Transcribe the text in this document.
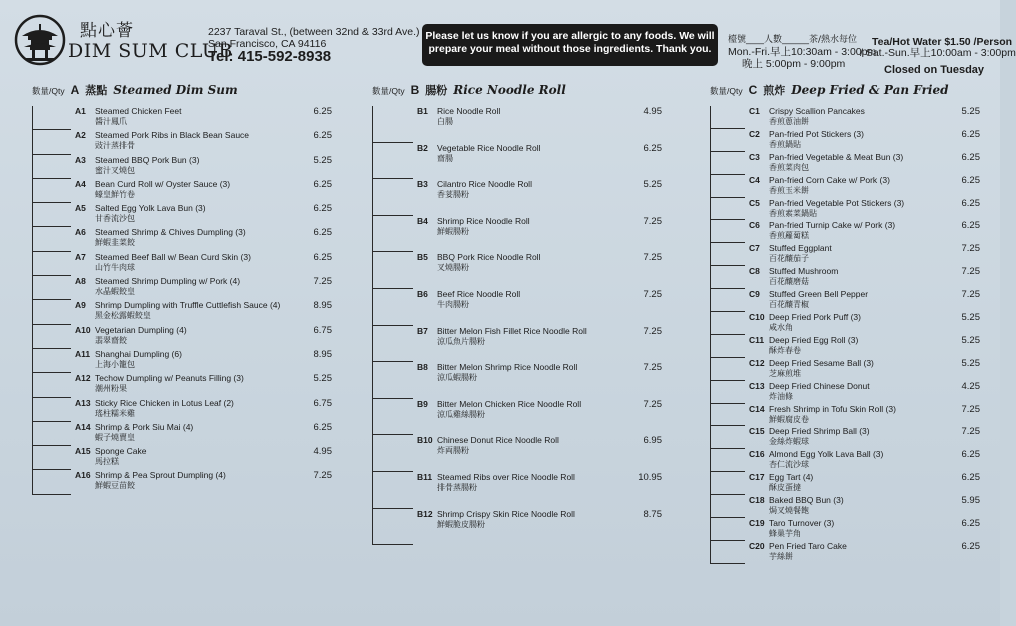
點心薈
DIM SUM CLUB
2237 Taraval St., (between 32nd & 33rd Ave.)
San Francisco, CA 94116
Tel: 415-592-8938
Please let us know if you are allergic to any foods. We will
prepare your meal without those ingredients. Thank you.
檯號____人數______茶/熱水每位
Mon.-Fri.早上10:30am - 3:00pm
晚上 5:00pm - 9:00pm
Tea/Hot Water $1.50 /Person
/ Sat.-Sun.早上10:00am - 3:00pm
Closed on Tuesday
數量/Qty A 蒸點 Steamed Dim Sum
A1	Steamed Chicken Feet
醬汁鳳爪
6.25
A2	Steamed Pork Ribs in Black Bean Sauce
豉汁蒸排骨
6.25
A3	Steamed BBQ Pork Bun (3)
蜜汁叉燒包
5.25
A4	Bean Curd Roll w/ Oyster Sauce (3)
蠔皇鮮竹卷
6.25
A5	Salted Egg Yolk Lava Bun (3)
甘香流沙包
6.25
A6	Steamed Shrimp & Chives Dumpling (3)
鮮蝦韭菜餃
6.25
A7	Steamed Beef Ball w/ Bean Curd Skin (3)
山竹牛肉球
6.25
A8	Steamed Shrimp Dumpling w/ Pork (4)
水晶蝦餃皇
7.25
A9	Shrimp Dumpling with Truffle Cuttlefish Sauce (4)
黑金松露蝦餃皇
8.95
A10 Vegetarian Dumpling (4)
翡翠齋餃
6.75
A11 Shanghai Dumpling (6)
上海小籠包
8.95
A12 Techow Dumpling w/ Peanuts Filling (3)
潮州粉果
5.25
A13 Sticky Rice Chicken in Lotus Leaf (2)
瑤柱糯米雞
6.75
A14 Shrimp & Pork Siu Mai (4)
蝦子燒賣皇
6.25
A15 Sponge Cake
馬拉糕
4.95
A16 Shrimp & Pea Sprout Dumpling (4)
鮮蝦豆苗餃
7.25
數量/Qty B 腸粉 Rice Noodle Roll
B1	Rice Noodle Roll
白腸
4.95
B2	Vegetable Rice Noodle Roll
齋腸
6.25
B3	Cilantro Rice Noodle Roll
香荽腸粉
5.25
B4	Shrimp Rice Noodle Roll
鮮蝦腸粉
7.25
B5	BBQ Pork Rice Noodle Roll
叉燒腸粉
7.25
B6	Beef Rice Noodle Roll
牛肉腸粉
7.25
B7	Bitter Melon Fish Fillet Rice Noodle Roll
涼瓜魚片腸粉
7.25
B8	Bitter Melon Shrimp Rice Noodle Roll
涼瓜蝦腸粉
7.25
B9	Bitter Melon Chicken Rice Noodle Roll
涼瓜雞絲腸粉
7.25
B10 Chinese Donut Rice Noodle Roll
炸両腸粉
6.95
B11 Steamed Ribs over Rice Noodle Roll
排骨蒸腸粉
10.95
B12 Shrimp Crispy Skin Rice Noodle Roll
鮮蝦脆皮腸粉
8.75
數量/Qty C 煎炸 Deep Fried & Pan Fried
C1	Crispy Scallion Pancakes
香煎蔥油餅
5.25
C2	Pan-fried Pot Stickers (3)
香煎鍋貼
6.25
C3	Pan-fried Vegetable & Meat Bun (3)
香煎菜肉包
6.25
C4	Pan-fried Corn Cake w/ Pork (3)
香煎玉米餅
6.25
C5	Pan-fried Vegetable Pot Stickers (3)
香煎素菜鍋貼
6.25
C6	Pan-fried Turnip Cake w/ Pork (3)
香煎蘿蔔糕
6.25
C7	Stuffed Eggplant
百花釀茄子
7.25
C8	Stuffed Mushroom
百花釀磨菇
7.25
C9	Stuffed Green Bell Pepper
百花釀青椒
7.25
C10 Deep Fried Pork Puff (3)
咸水角
5.25
C11 Deep Fried Egg Roll (3)
酥炸春卷
5.25
C12 Deep Fried Sesame Ball (3)
芝麻煎堆
5.25
C13 Deep Fried Chinese Donut
炸油條
4.25
C14 Fresh Shrimp in Tofu Skin Roll (3)
鮮蝦腐皮卷
7.25
C15 Deep Fried Shrimp Ball (3)
金絲炸蝦球
7.25
C16 Almond Egg Yolk Lava Ball (3)
杏仁流沙球
6.25
C17 Egg Tart (4)
酥皮蛋撻
6.25
C18 Baked BBQ Bun (3)
焗叉燒餐飽
5.95
C19 Taro Turnover (3)
蜂巢芋角
6.25
C20 Pen Fried Taro Cake
芋絲餅
6.25
